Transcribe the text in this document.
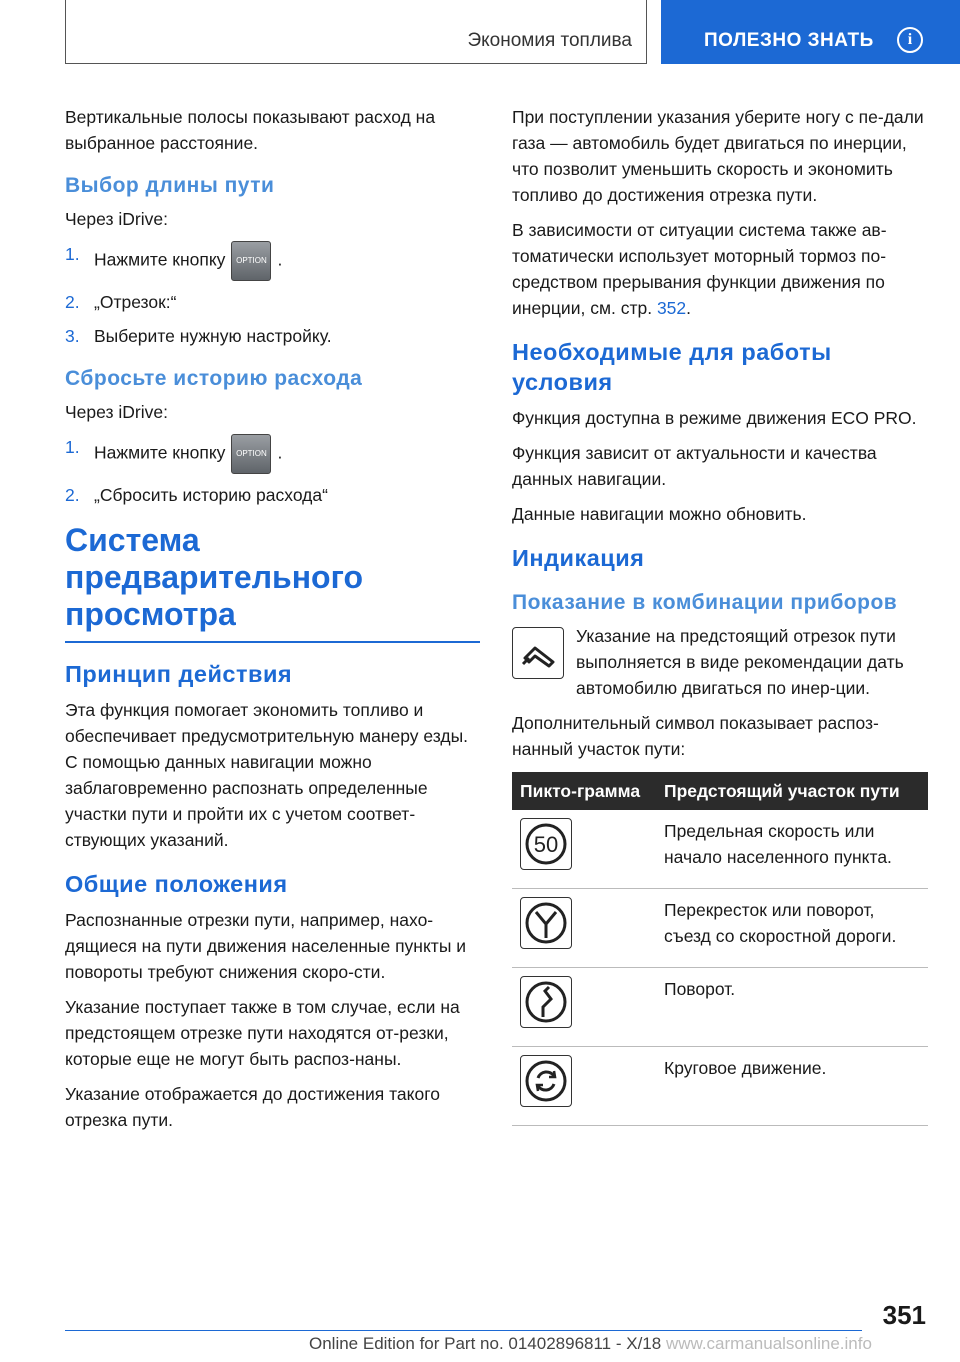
Экономия топлива	ПОЛЕЗНО ЗНАТЬ	i

Вертикальные полосы показывают расход на выбранное расстояние.

Выбор длины пути

Через iDrive:

1. Нажмите кнопку OPTION .
2. „Отрезок:“
3. Выберите нужную настройку.
Сбросьте историю расхода

Через iDrive:

1. Нажмите кнопку OPTION .
2. „Сбросить историю расхода“
Система предварительного просмотра
Принцип действия

Эта функция помогает экономить топливо и обеспечивает предусмотрительную манеру езды. С помощью данных навигации можно заблаговременно распознать определенные участки пути и пройти их с учетом соответ-ствующих указаний.

Общие положения

Распознанные отрезки пути, например, нахо-дящиеся на пути движения населенные пункты и повороты требуют снижения скоро-сти.

Указание поступает также в том случае, если на предстоящем отрезке пути находятся от-резки, которые еще не могут быть распоз-наны.

Указание отображается до достижения такого отрезка пути.

При поступлении указания уберите ногу с пе-дали газа — автомобиль будет двигаться по инерции, что позволит уменьшить скорость и экономить топливо до достижения отрезка пути.

В зависимости от ситуации система также ав-томатически использует моторный тормоз по-средством прерывания функции движения по инерции, см. стр. 352.

Необходимые для работы условия

Функция доступна в режиме движения ECO PRO.

Функция зависит от актуальности и качества данных навигации.

Данные навигации можно обновить.

Индикация
Показание в комбинации приборов

Указание на предстоящий отрезок пути выполняется в виде рекомендации дать автомобилю двигаться по инер-ции.

Дополнительный символ показывает распоз-нанный участок пути:

Пикто-грамма	Предстоящий участок пути

50	Предельная скорость или начало населенного пункта.
	Перекресток или поворот, съезд со скоростной дороги.
	Поворот.
	Круговое движение.
351
Online Edition for Part no. 01402896811 - X/18 www.carmanualsonline.info
